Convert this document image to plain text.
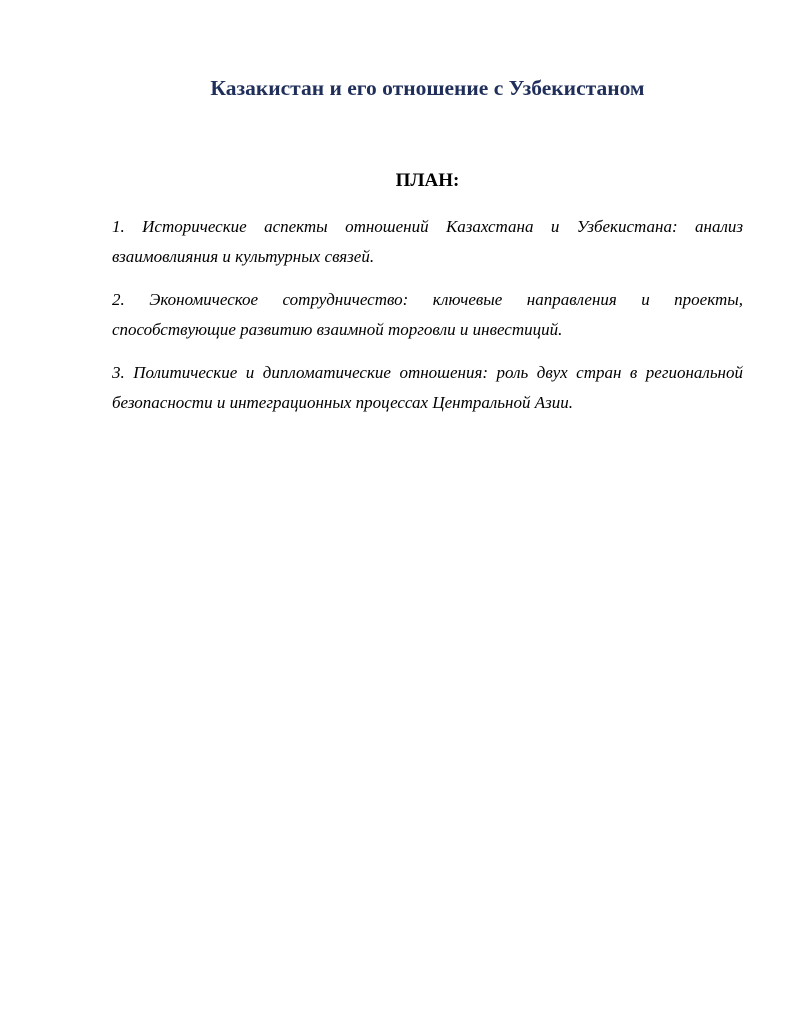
Казакистан и его отношение с Узбекистаном
ПЛАН:
1. Исторические аспекты отношений Казахстана и Узбекистана: анализ взаимовлияния и культурных связей.
2. Экономическое сотрудничество: ключевые направления и проекты, способствующие развитию взаимной торговли и инвестиций.
3. Политические и дипломатические отношения: роль двух стран в региональной безопасности и интеграционных процессах Центральной Азии.
